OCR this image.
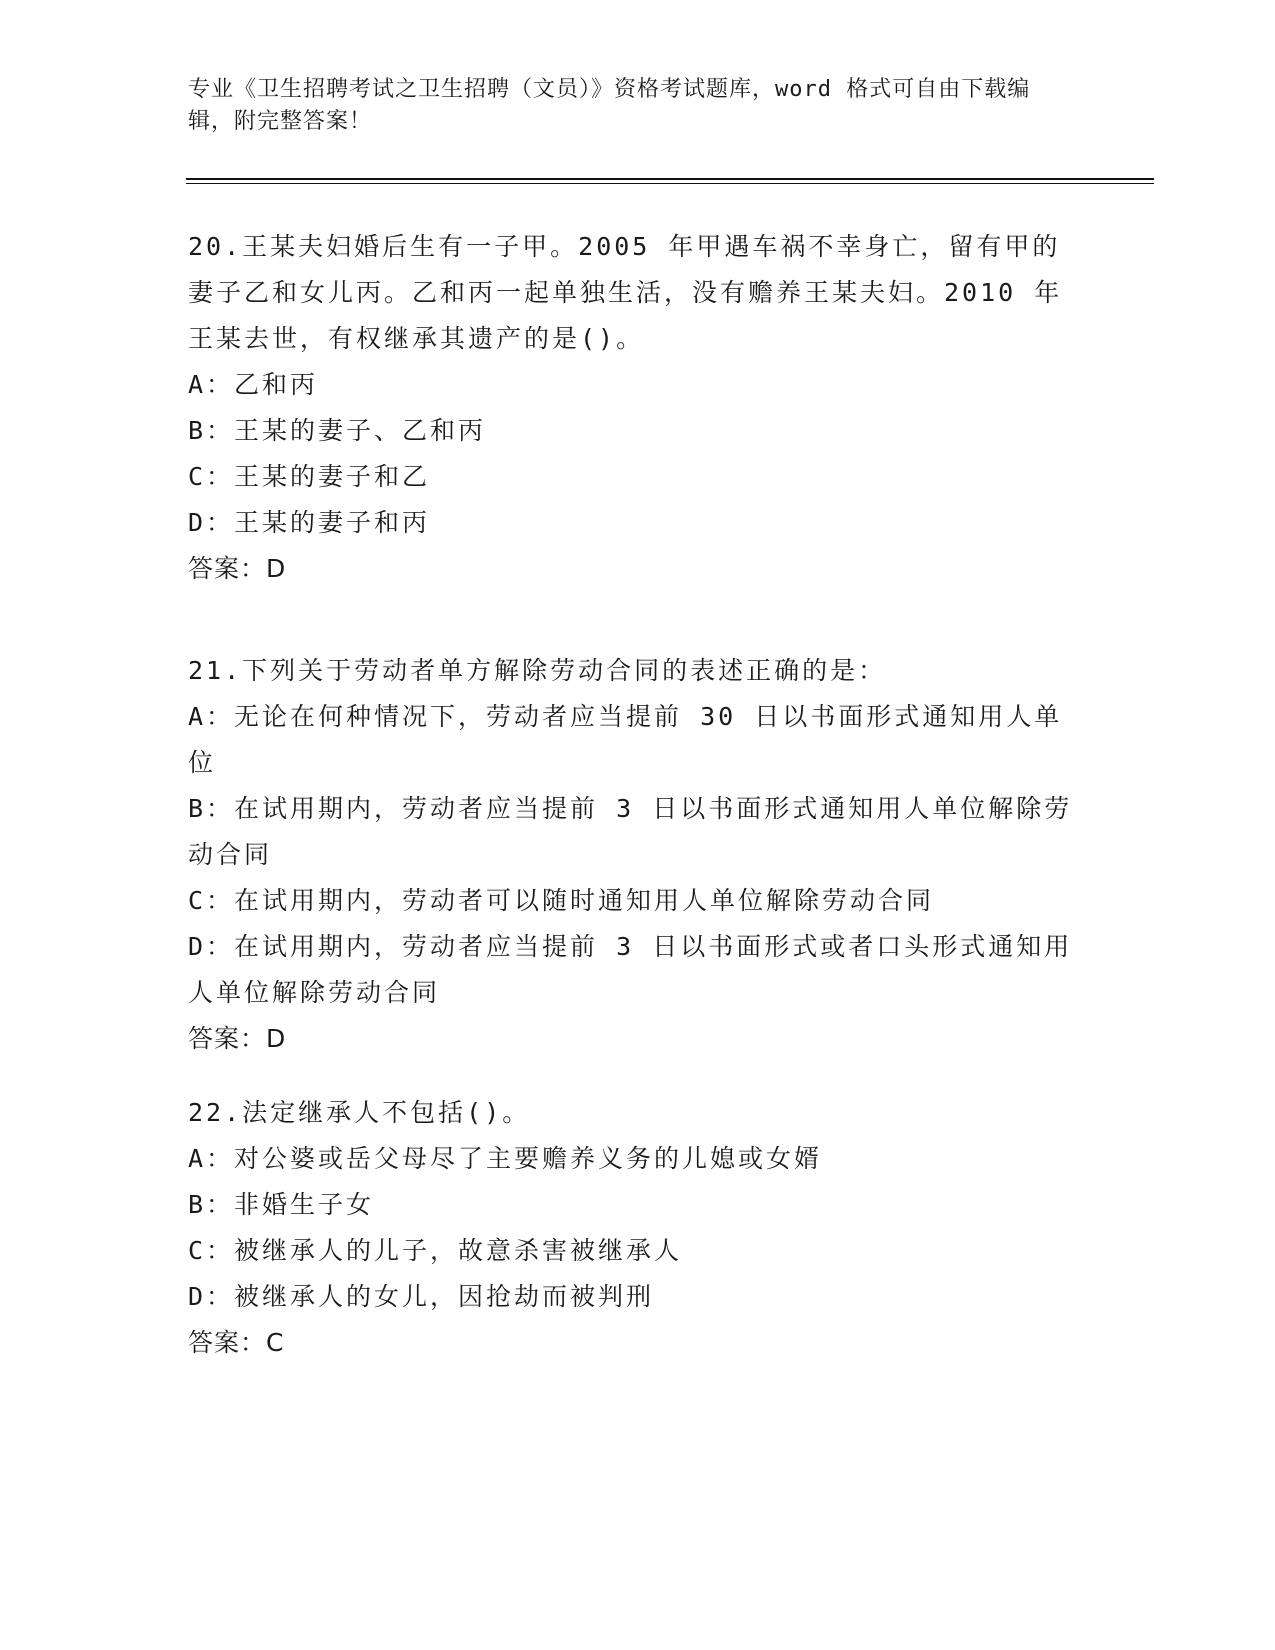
专业《卫生招聘考试之卫生招聘（文员）》资格考试题库，word 格式可自由下载编辑，附完整答案！
20.王某夫妇婚后生有一子甲。2005 年甲遇车祸不幸身亡，留有甲的妻子乙和女儿丙。乙和丙一起单独生活，没有赡养王某夫妇。2010 年王某去世，有权继承其遗产的是()。
A：乙和丙
B：王某的妻子、乙和丙
C：王某的妻子和乙
D：王某的妻子和丙
答案：D
21.下列关于劳动者单方解除劳动合同的表述正确的是：
A：无论在何种情况下，劳动者应当提前 30 日以书面形式通知用人单位
B：在试用期内，劳动者应当提前 3 日以书面形式通知用人单位解除劳动合同
C：在试用期内，劳动者可以随时通知用人单位解除劳动合同
D：在试用期内，劳动者应当提前 3 日以书面形式或者口头形式通知用人单位解除劳动合同
答案：D
22.法定继承人不包括()。
A：对公婆或岳父母尽了主要赡养义务的儿媳或女婿
B：非婚生子女
C：被继承人的儿子，故意杀害被继承人
D：被继承人的女儿，因抢劫而被判刑
答案：C
